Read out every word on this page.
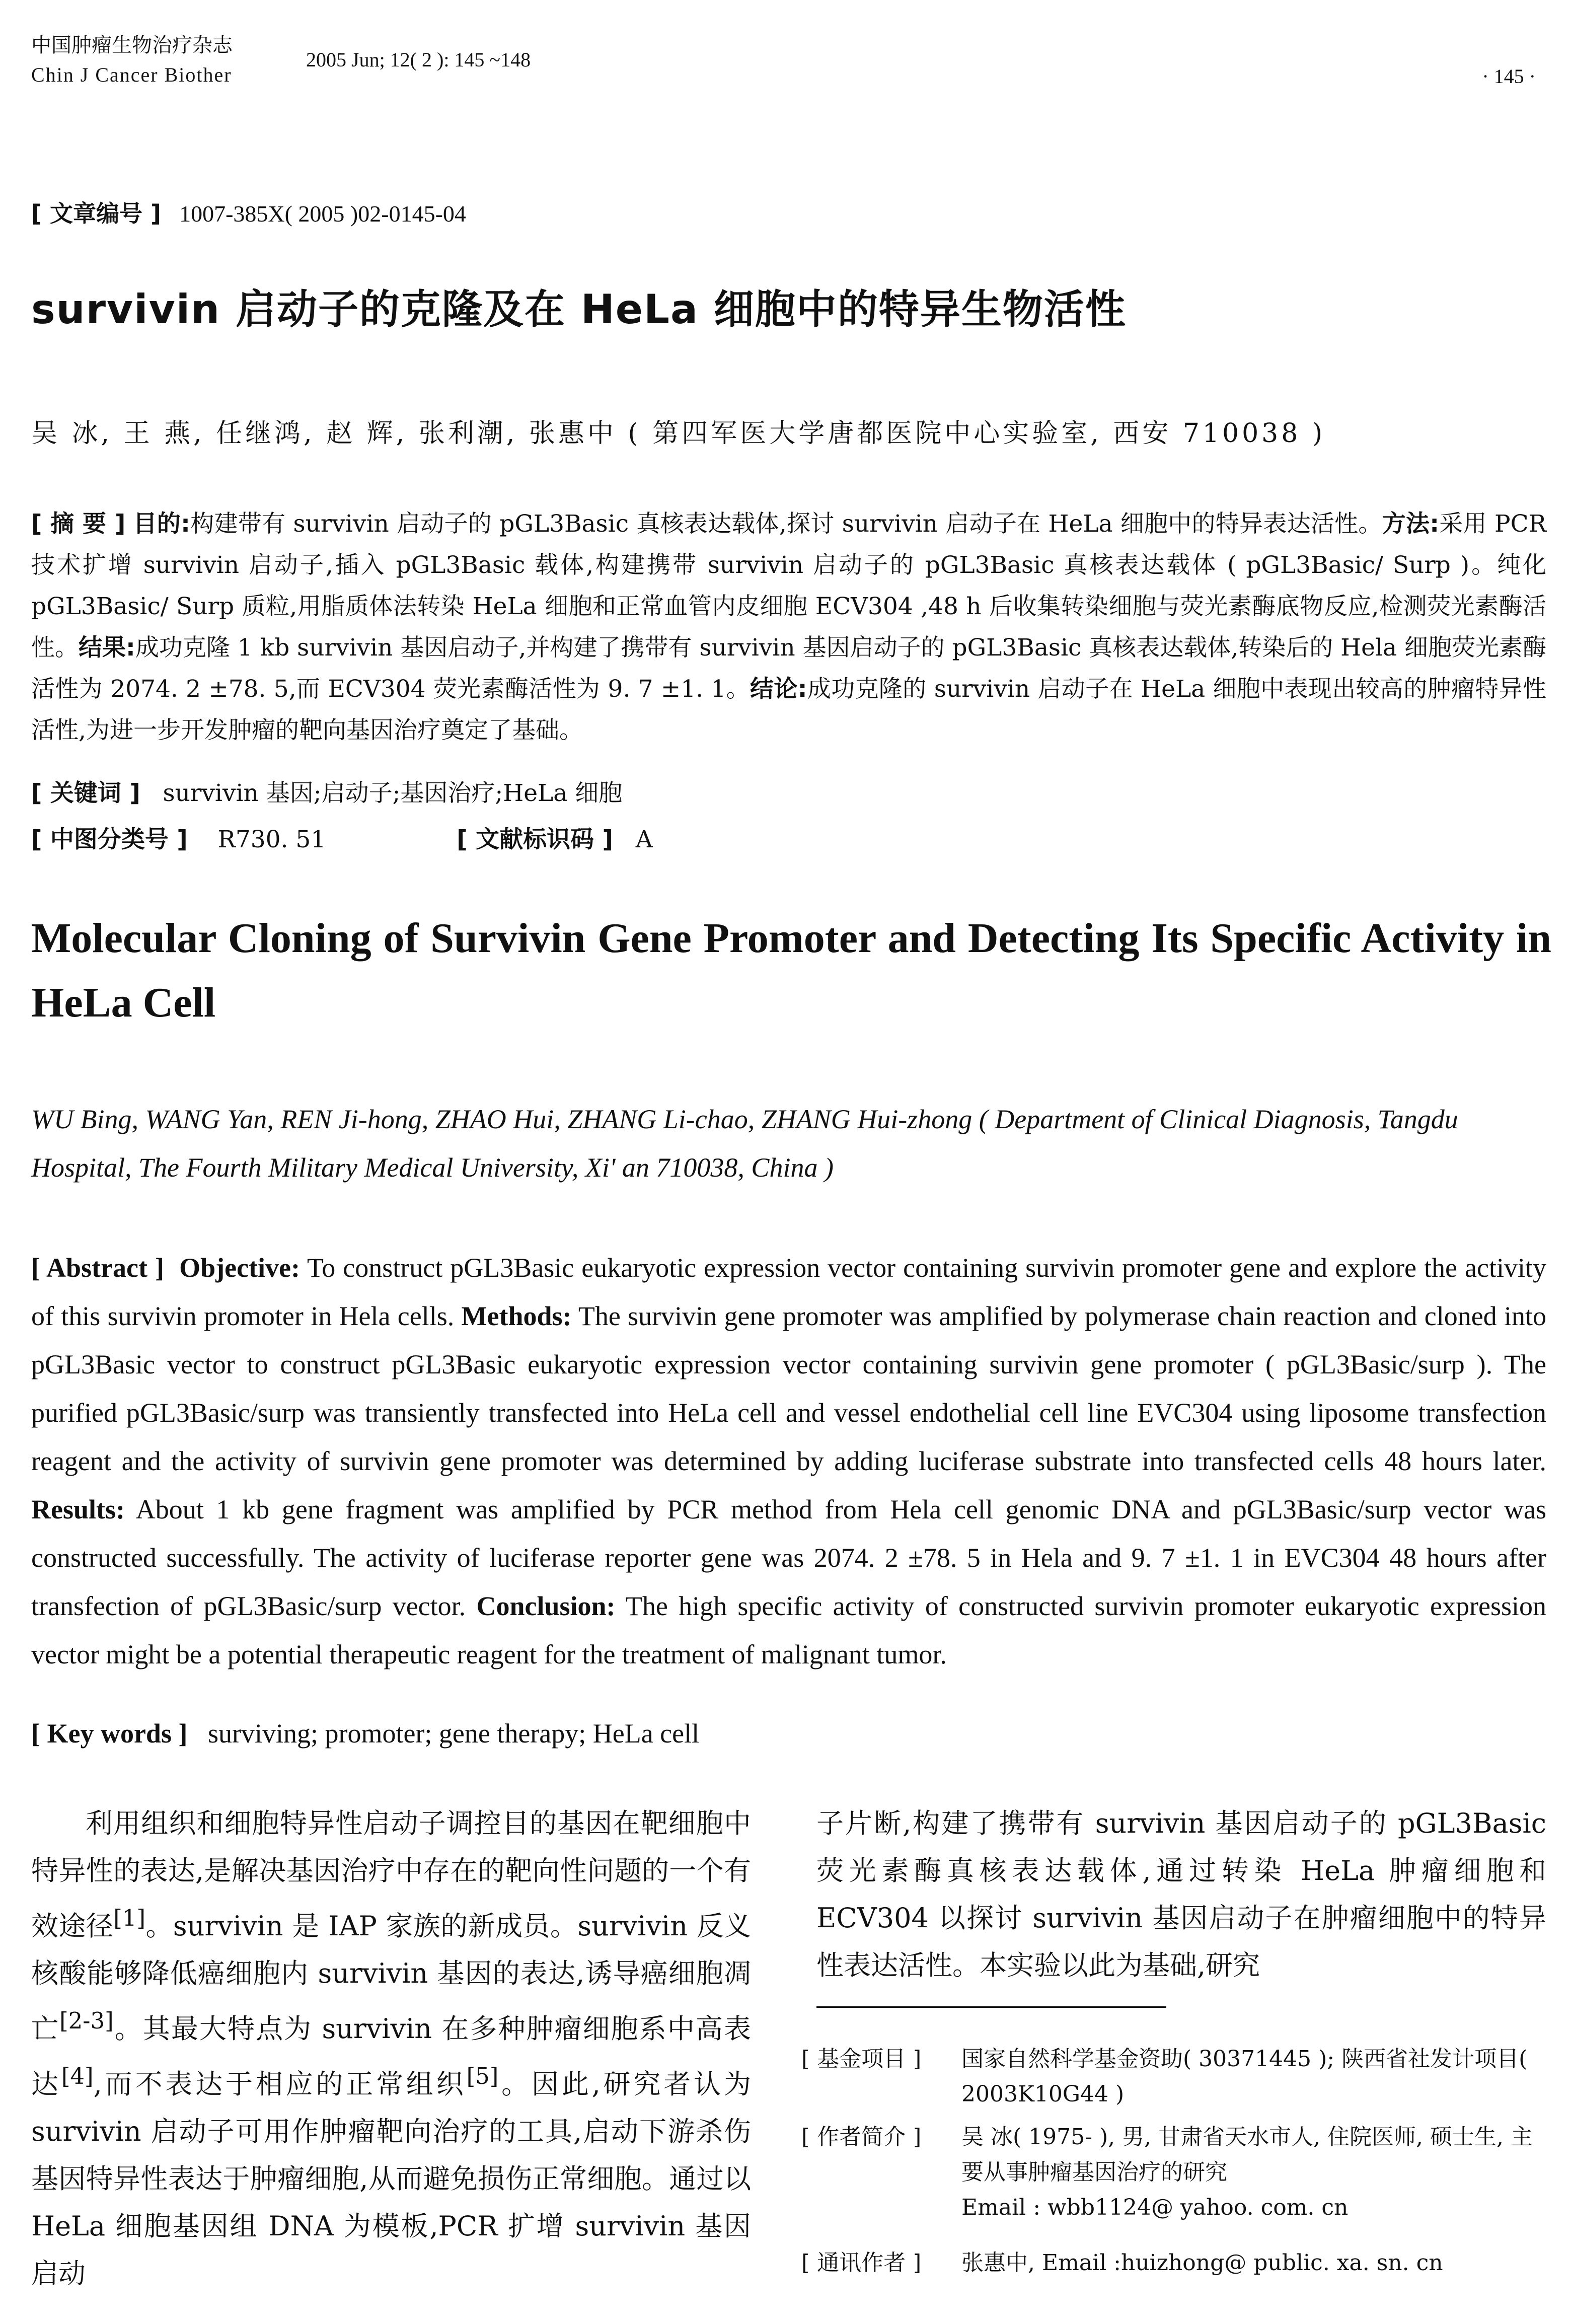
中国肿瘤生物治疗杂志
Chin J Cancer Biother
2005 Jun; 12( 2 ): 145 ~148
· 145 ·
[ 文章编号 ] 1007-385X( 2005 )02-0145-04
survivin 启动子的克隆及在 HeLa 细胞中的特异生物活性
吴 冰, 王 燕, 任继鸿, 赵 辉, 张利潮, 张惠中 ( 第四军医大学唐都医院中心实验室, 西安 710038 )
[ 摘 要 ] 目的:构建带有 survivin 启动子的 pGL3Basic 真核表达载体,探讨 survivin 启动子在 HeLa 细胞中的特异表达活性。方法:采用 PCR 技术扩增 survivin 启动子,插入 pGL3Basic 载体,构建携带 survivin 启动子的 pGL3Basic 真核表达载体 ( pGL3Basic/ Surp )。纯化 pGL3Basic/ Surp 质粒,用脂质体法转染 HeLa 细胞和正常血管内皮细胞 ECV304 ,48 h 后收集转染细胞与荧光素酶底物反应,检测荧光素酶活性。结果:成功克隆 1 kb survivin 基因启动子,并构建了携带有 survivin 基因启动子的 pGL3Basic 真核表达载体,转染后的 Hela 细胞荧光素酶活性为 2074. 2 ±78. 5,而 ECV304 荧光素酶活性为 9. 7 ±1. 1。结论:成功克隆的 survivin 启动子在 HeLa 细胞中表现出较高的肿瘤特异性活性,为进一步开发肿瘤的靶向基因治疗奠定了基础。
[ 关键词 ] survivin 基因;启动子;基因治疗;HeLa 细胞
[ 中图分类号 ] R730. 51	[ 文献标识码 ] A
Molecular Cloning of Survivin Gene Promoter and Detecting Its Specific Activity in HeLa Cell
WU Bing, WANG Yan, REN Ji-hong, ZHAO Hui, ZHANG Li-chao, ZHANG Hui-zhong ( Department of Clinical Diagnosis, Tangdu Hospital, The Fourth Military Medical University, Xi' an 710038, China )
[ Abstract ] Objective: To construct pGL3Basic eukaryotic expression vector containing survivin promoter gene and explore the activity of this survivin promoter in Hela cells. Methods: The survivin gene promoter was amplified by polymerase chain reaction and cloned into pGL3Basic vector to construct pGL3Basic eukaryotic expression vector containing survivin gene promoter ( pGL3Basic/surp ). The purified pGL3Basic/surp was transiently transfected into HeLa cell and vessel endothelial cell line EVC304 using liposome transfection reagent and the activity of survivin gene promoter was determined by adding luciferase substrate into transfected cells 48 hours later. Results: About 1 kb gene fragment was amplified by PCR method from Hela cell genomic DNA and pGL3Basic/surp vector was constructed successfully. The activity of luciferase reporter gene was 2074. 2 ±78. 5 in Hela and 9. 7 ±1. 1 in EVC304 48 hours after transfection of pGL3Basic/surp vector. Conclusion: The high specific activity of constructed survivin promoter eukaryotic expression vector might be a potential therapeutic reagent for the treatment of malignant tumor.
[ Key words ] surviving; promoter; gene therapy; HeLa cell
利用组织和细胞特异性启动子调控目的基因在靶细胞中特异性的表达,是解决基因治疗中存在的靶向性问题的一个有效途径[1]。survivin 是 IAP 家族的新成员。survivin 反义核酸能够降低癌细胞内 survivin 基因的表达,诱导癌细胞凋亡[2-3]。其最大特点为 survivin 在多种肿瘤细胞系中高表达[4],而不表达于相应的正常组织[5]。因此,研究者认为 survivin 启动子可用作肿瘤靶向治疗的工具,启动下游杀伤基因特异性表达于肿瘤细胞,从而避免损伤正常细胞。通过以 HeLa 细胞基因组 DNA 为模板,PCR 扩增 survivin 基因启动
子片断,构建了携带有 survivin 基因启动子的 pGL3Basic 荧光素酶真核表达载体,通过转染 HeLa 肿瘤细胞和 ECV304 以探讨 survivin 基因启动子在肿瘤细胞中的特异性表达活性。本实验以此为基础,研究
[ 基金项目 ] 国家自然科学基金资助( 30371445 ); 陕西省社发计项目( 2003K10G44 )
[ 作者简介 ] 吴 冰( 1975- ), 男, 甘肃省天水市人, 住院医师, 硕士生, 主要从事肿瘤基因治疗的研究
Email : wbb1124@ yahoo. com. cn
[ 通讯作者 ] 张惠中, Email :huizhong@ public. xa. sn. cn
